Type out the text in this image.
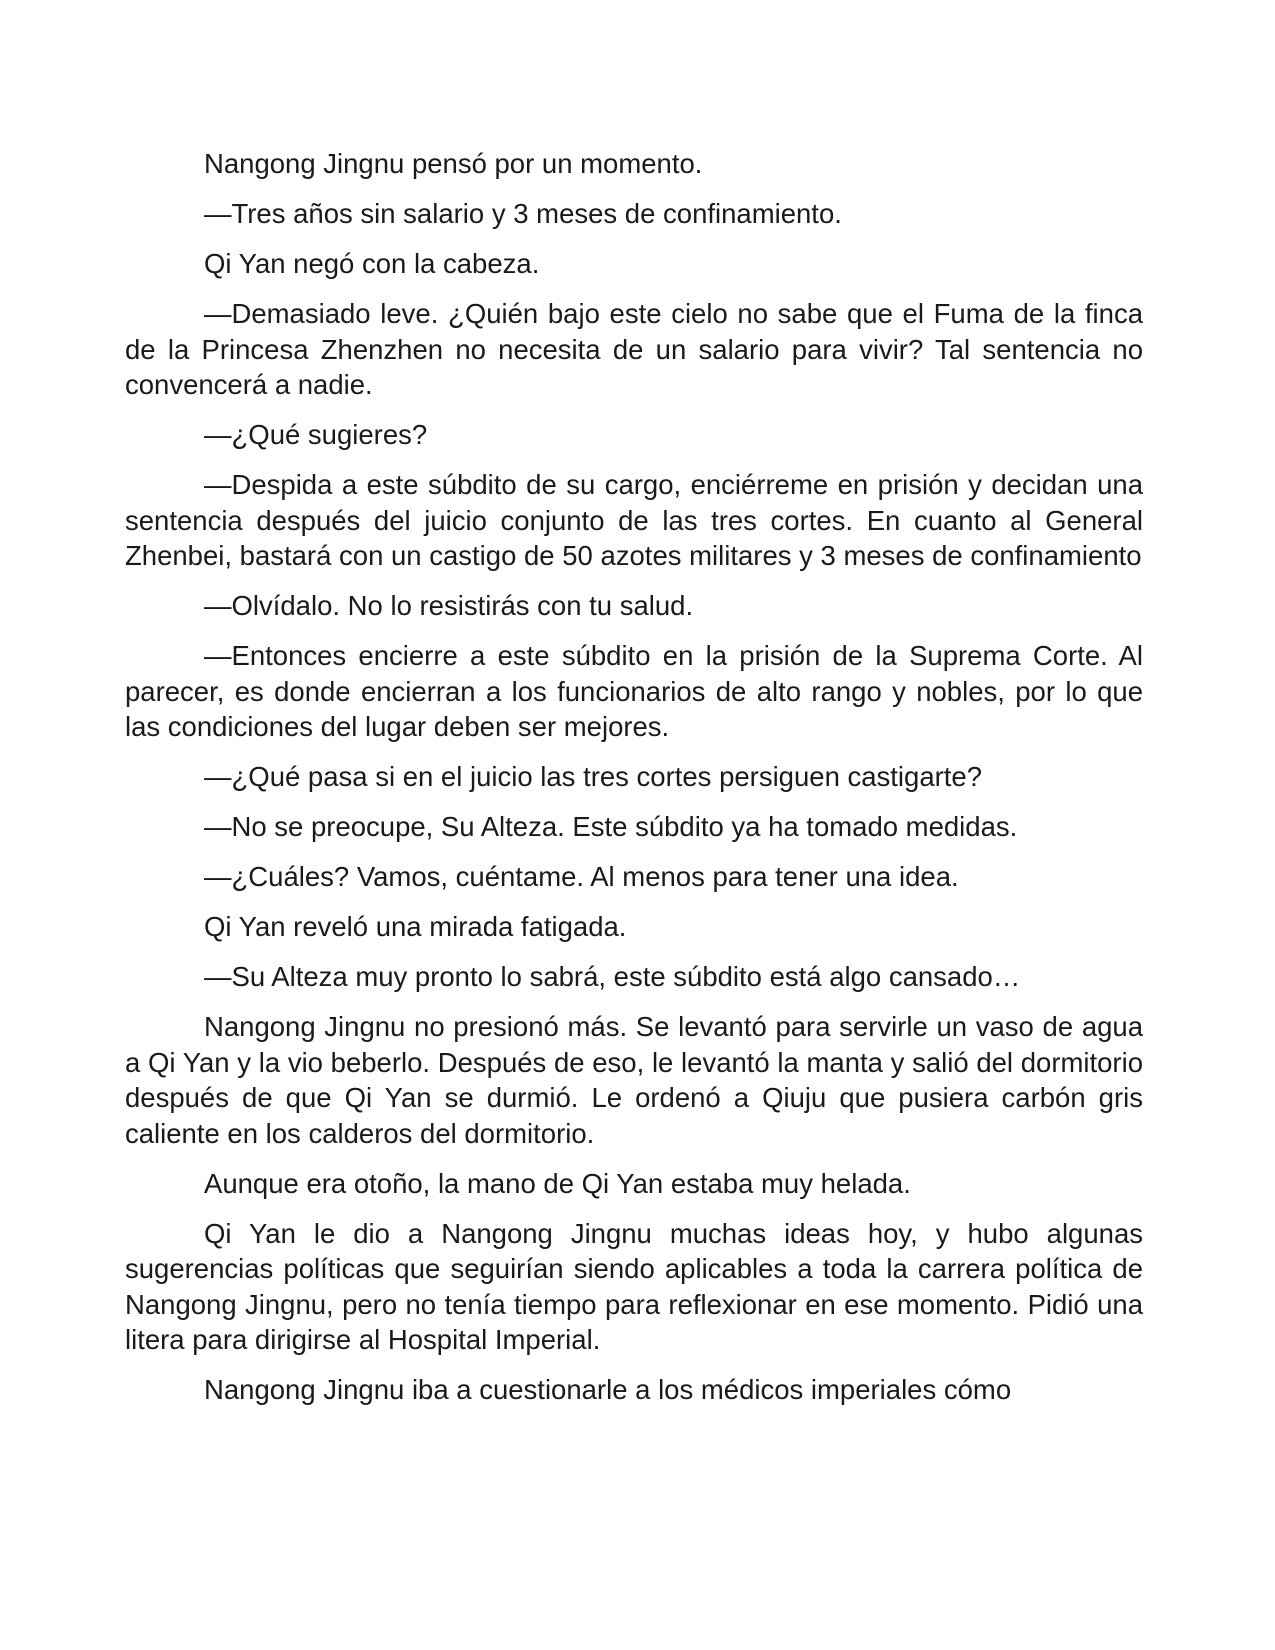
Nangong Jingnu pensó por un momento.

—Tres años sin salario y 3 meses de confinamiento.

Qi Yan negó con la cabeza.

—Demasiado leve. ¿Quién bajo este cielo no sabe que el Fuma de la finca de la Princesa Zhenzhen no necesita de un salario para vivir? Tal sentencia no convencerá a nadie.

—¿Qué sugieres?

—Despida a este súbdito de su cargo, enciérreme en prisión y decidan una sentencia después del juicio conjunto de las tres cortes. En cuanto al General Zhenbei, bastará con un castigo de 50 azotes militares y 3 meses de confinamiento

—Olvídalo. No lo resistirás con tu salud.

—Entonces encierre a este súbdito en la prisión de la Suprema Corte. Al parecer, es donde encierran a los funcionarios de alto rango y nobles, por lo que las condiciones del lugar deben ser mejores.

—¿Qué pasa si en el juicio las tres cortes persiguen castigarte?

—No se preocupe, Su Alteza. Este súbdito ya ha tomado medidas.

—¿Cuáles? Vamos, cuéntame. Al menos para tener una idea.

Qi Yan reveló una mirada fatigada.

—Su Alteza muy pronto lo sabrá, este súbdito está algo cansado…

Nangong Jingnu no presionó más. Se levantó para servirle un vaso de agua a Qi Yan y la vio beberlo. Después de eso, le levantó la manta y salió del dormitorio después de que Qi Yan se durmió. Le ordenó a Qiuju que pusiera carbón gris caliente en los calderos del dormitorio.

Aunque era otoño, la mano de Qi Yan estaba muy helada.

Qi Yan le dio a Nangong Jingnu muchas ideas hoy, y hubo algunas sugerencias políticas que seguirían siendo aplicables a toda la carrera política de Nangong Jingnu, pero no tenía tiempo para reflexionar en ese momento. Pidió una litera para dirigirse al Hospital Imperial.

Nangong Jingnu iba a cuestionarle a los médicos imperiales cómo
